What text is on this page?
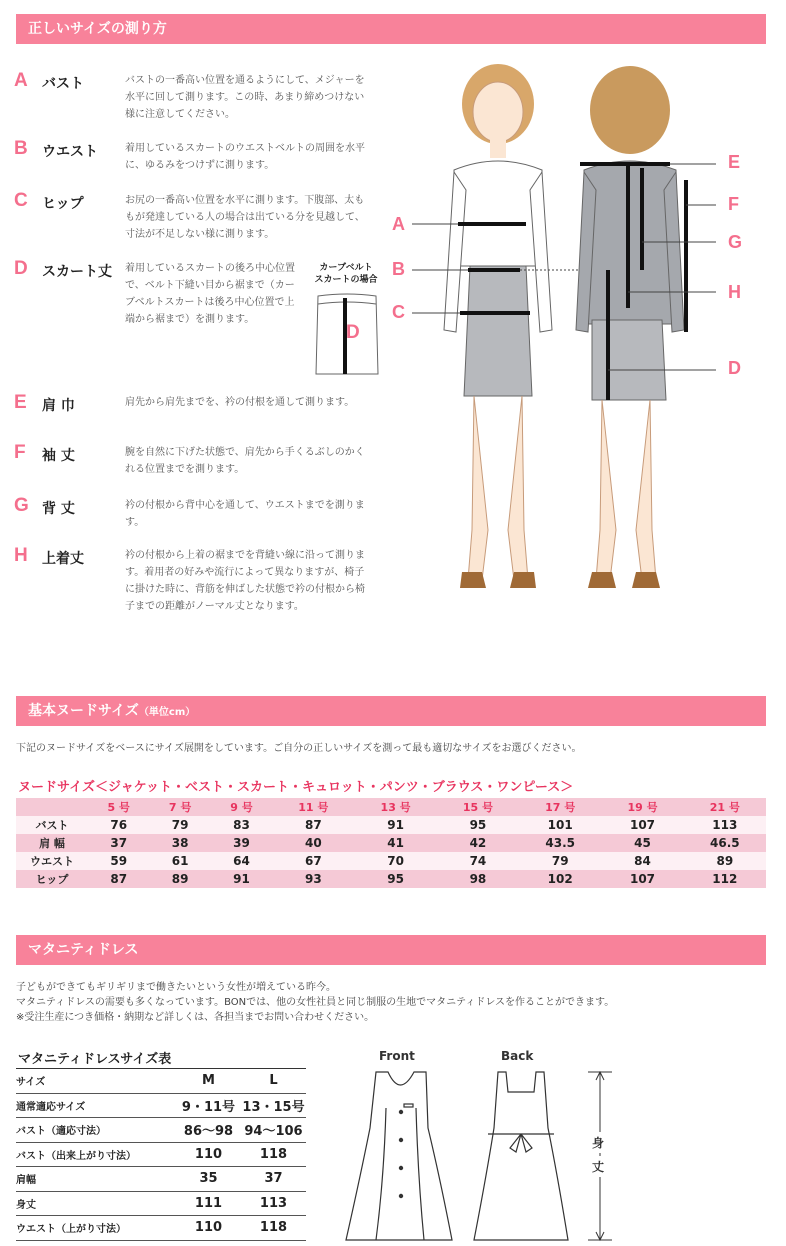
正しいサイズの測り方
A バスト	バストの一番高い位置を通るようにして、メジャーを水平に回して測ります。この時、あまり締めつけない様に注意してください。
B ウエスト	着用しているスカートのウエストベルトの周囲を水平に、ゆるみをつけずに測ります。
C ヒップ	お尻の一番高い位置を水平に測ります。下腹部、太ももが発達している人の場合は出ている分を見越して、寸法が不足しない様に測ります。
D スカート丈 着用しているスカートの後ろ中心位置で、ベルト下縫い目から裾まで（カーブベルトスカートは後ろ中心位置で上端から裾まで）を測ります。
E 肩 巾	肩先から肩先までを、衿の付根を通して測ります。
F 袖 丈	腕を自然に下げた状態で、肩先から手くるぶしのかくれる位置までを測ります。
G 背 丈	衿の付根から背中心を通して、ウエストまでを測ります。
H 上着丈	衿の付根から上着の裾までを背縫い線に沿って測ります。着用者の好みや流行によって異なりますが、椅子に掛けた時に、背筋を伸ばした状態で衿の付根から椅子までの距離がノーマル丈となります。
カーブベルト
スカートの場合
D
A
B
C
E
F
G
H
D
基本ヌードサイズ（単位cm）
下記のヌードサイズをベースにサイズ展開をしています。ご自分の正しいサイズを測って最も適切なサイズをお選びください。
ヌードサイズ＜ジャケット・ベスト・スカート・キュロット・パンツ・ブラウス・ワンピース＞
	5 号	7 号	9 号	11 号	13 号	15 号	17 号	19 号	21 号
バスト	76	79	83	87	91	95	101	107	113
肩 幅	37	38	39	40	41	42	43.5	45	46.5
ウエスト	59	61	64	67	70	74	79	84	89
ヒップ	87	89	91	93	95	98	102	107	112
マタニティドレス
子どもができてもギリギリまで働きたいという女性が増えている昨今。
マタニティドレスの需要も多くなっています。BONでは、他の女性社員と同じ制服の生地でマタニティドレスを作ることができます。
※受注生産につき価格・納期など詳しくは、各担当までお問い合わせください。
マタニティドレスサイズ表
サイズ	M	L
通常適応サイズ	9・11号	13・15号
バスト（適応寸法）	86〜98	94〜106
バスト（出来上がり寸法）	110	118
肩幅	35	37
身丈	111	113
ウエスト（上がり寸法）	110	118
Front	Back
身
丈
